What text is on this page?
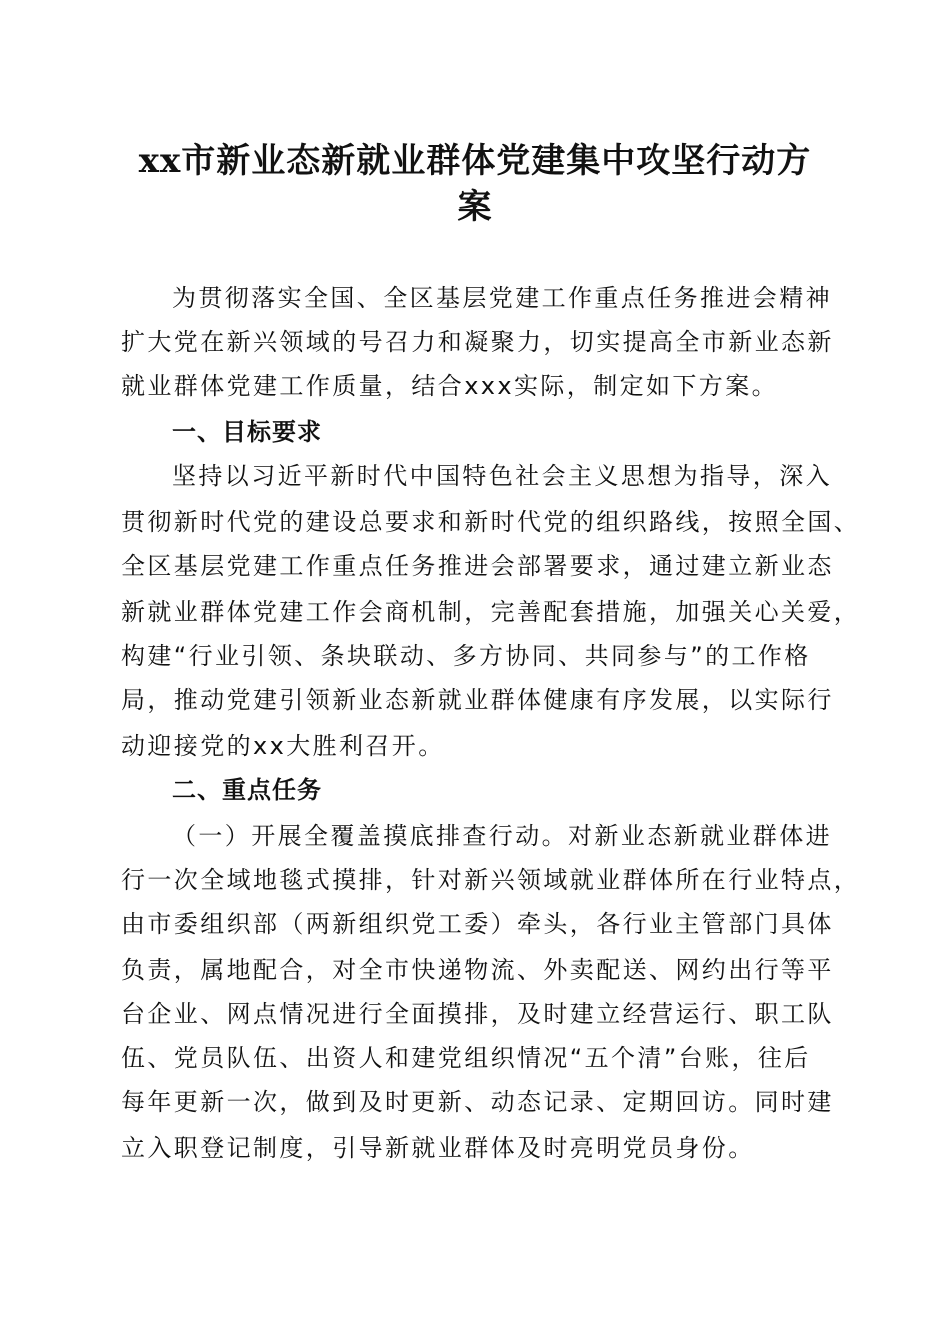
xx市新业态新就业群体党建集中攻坚行动方
案
为贯彻落实全国、全区基层党建工作重点任务推进会精神
扩大党在新兴领域的号召力和凝聚力，切实提高全市新业态新
就业群体党建工作质量，结合xxx实际，制定如下方案。
一、目标要求
坚持以习近平新时代中国特色社会主义思想为指导，深入
贯彻新时代党的建设总要求和新时代党的组织路线，按照全国、
全区基层党建工作重点任务推进会部署要求，通过建立新业态
新就业群体党建工作会商机制，完善配套措施，加强关心关爱，
构建“行业引领、条块联动、多方协同、共同参与”的工作格
局，推动党建引领新业态新就业群体健康有序发展，以实际行
动迎接党的xx大胜利召开。
二、重点任务
（一）开展全覆盖摸底排查行动。对新业态新就业群体进
行一次全域地毯式摸排，针对新兴领域就业群体所在行业特点，
由市委组织部（两新组织党工委）牵头，各行业主管部门具体
负责，属地配合，对全市快递物流、外卖配送、网约出行等平
台企业、网点情况进行全面摸排，及时建立经营运行、职工队
伍、党员队伍、出资人和建党组织情况“五个清”台账，往后
每年更新一次，做到及时更新、动态记录、定期回访。同时建
立入职登记制度，引导新就业群体及时亮明党员身份。
